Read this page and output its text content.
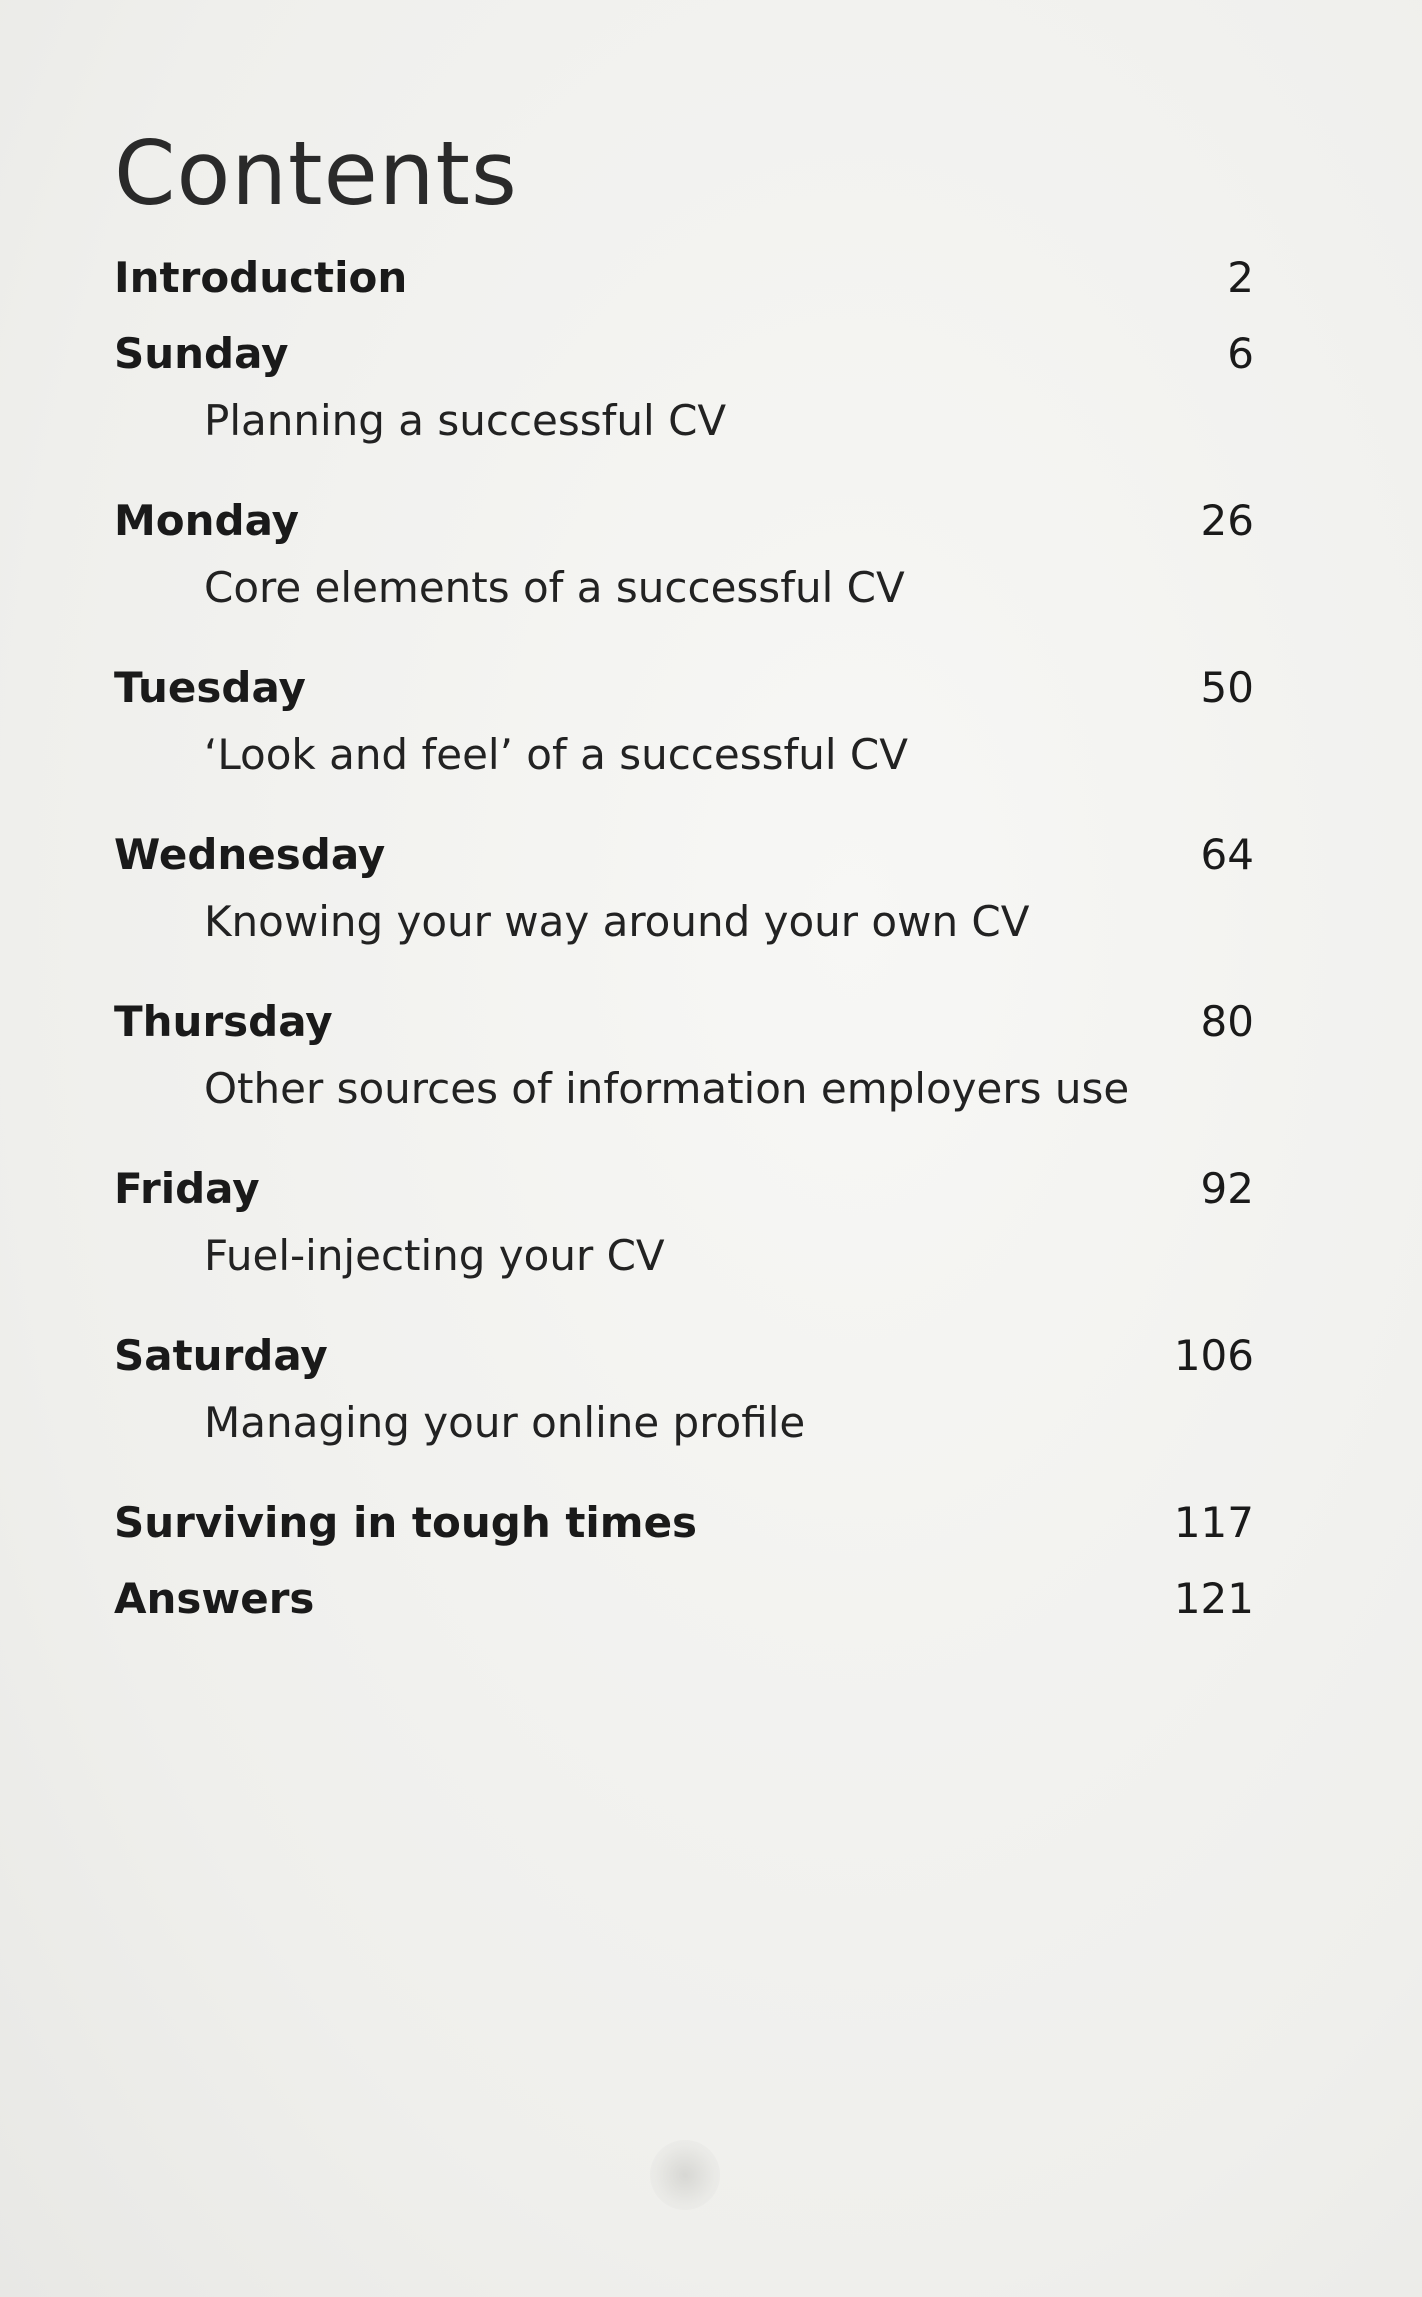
Contents
Introduction	2
Sunday	6
Planning a successful CV
Monday	26
Core elements of a successful CV
Tuesday	50
‘Look and feel’ of a successful CV
Wednesday	64
Knowing your way around your own CV
Thursday	80
Other sources of information employers use
Friday	92
Fuel-injecting your CV
Saturday	106
Managing your online profile
Surviving in tough times	117
Answers	121
